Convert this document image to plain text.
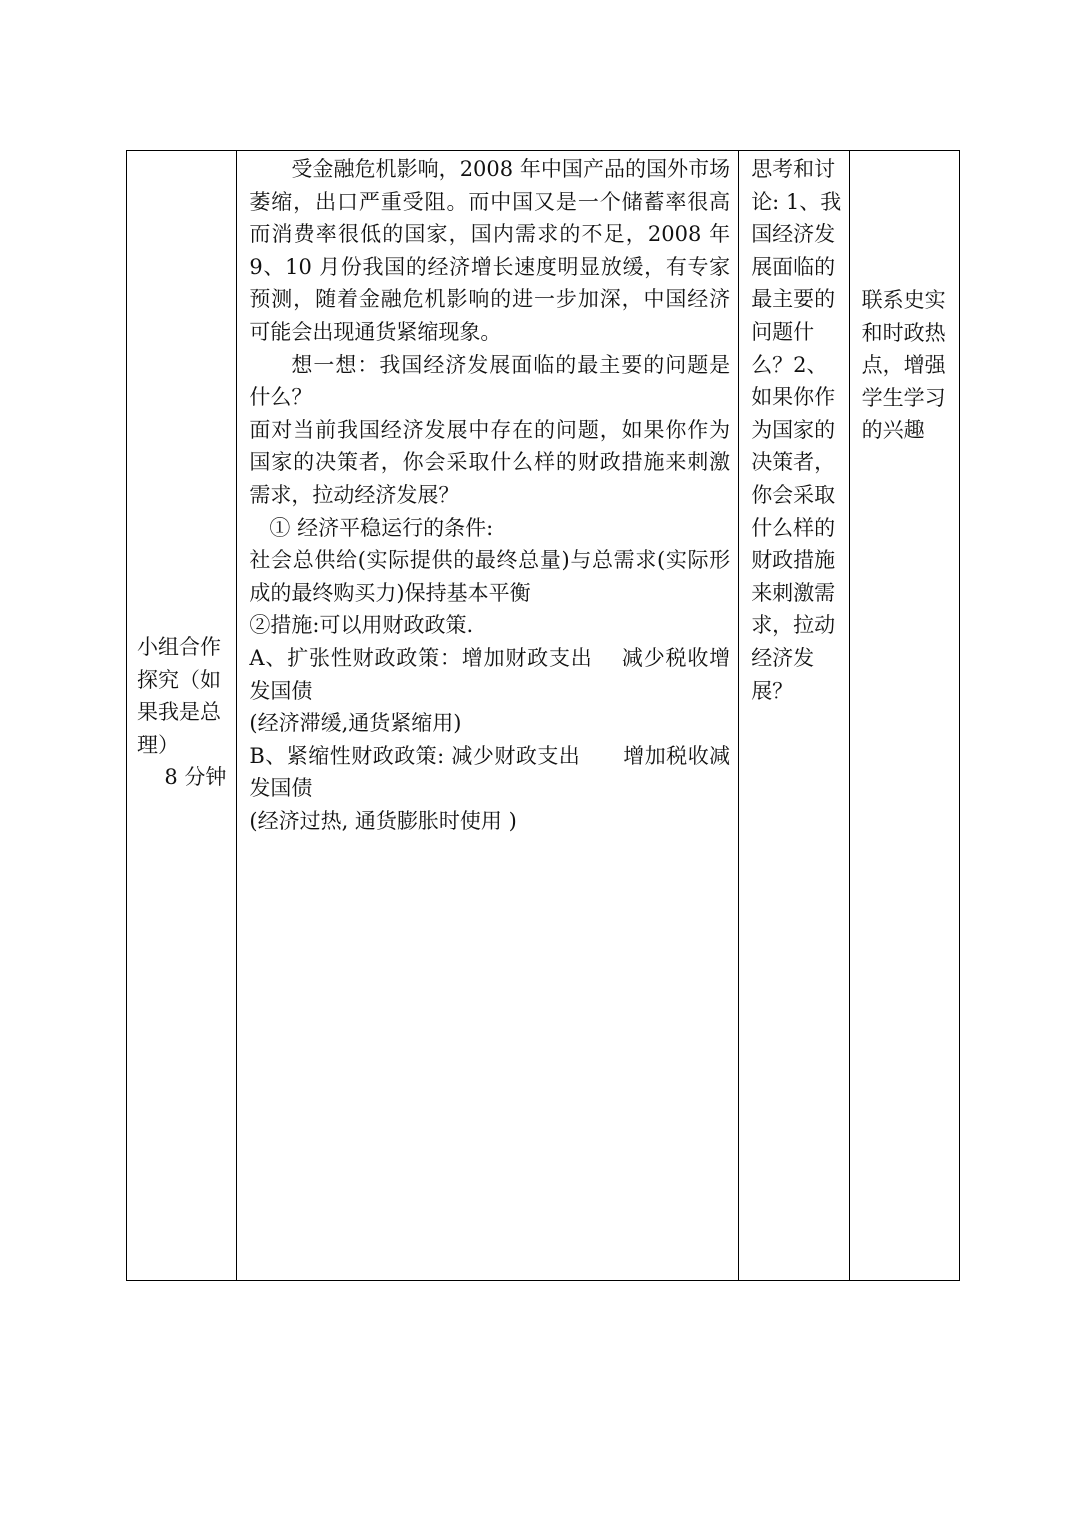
小组合作
探究（如
果我是总
理）
8 分钟

受金融危机影响，2008 年中国产品的国外市场萎缩，出口严重受阻。而中国又是一个储蓄率很高而消费率很低的国家，国内需求的不足，2008 年 9、10 月份我国的经济增长速度明显放缓，有专家预测，随着金融危机影响的进一步加深，中国经济可能会出现通货紧缩现象。
想一想：我国经济发展面临的最主要的问题是什么？
面对当前我国经济发展中存在的问题，如果你作为国家的决策者，你会采取什么样的财政措施来刺激需求，拉动经济发展？
① 经济平稳运行的条件:
社会总供给(实际提供的最终总量)与总需求(实际形成的最终购买力)保持基本平衡
②措施:可以用财政政策.
A、扩张性财政政策：增加财政支出　 减少税收增发国债
(经济滞缓,通货紧缩用)
B、紧缩性财政政策: 减少财政支出　　增加税收减发国债
(经济过热, 通货膨胀时使用 )

思考和讨论: 1、我国经济发展面临的最主要的问题什么？2、如果你作为国家的决策者，你会采取什么样的财政措施来刺激需求，拉动经济发展？

联系史实和时政热点，增强学生学习的兴趣
